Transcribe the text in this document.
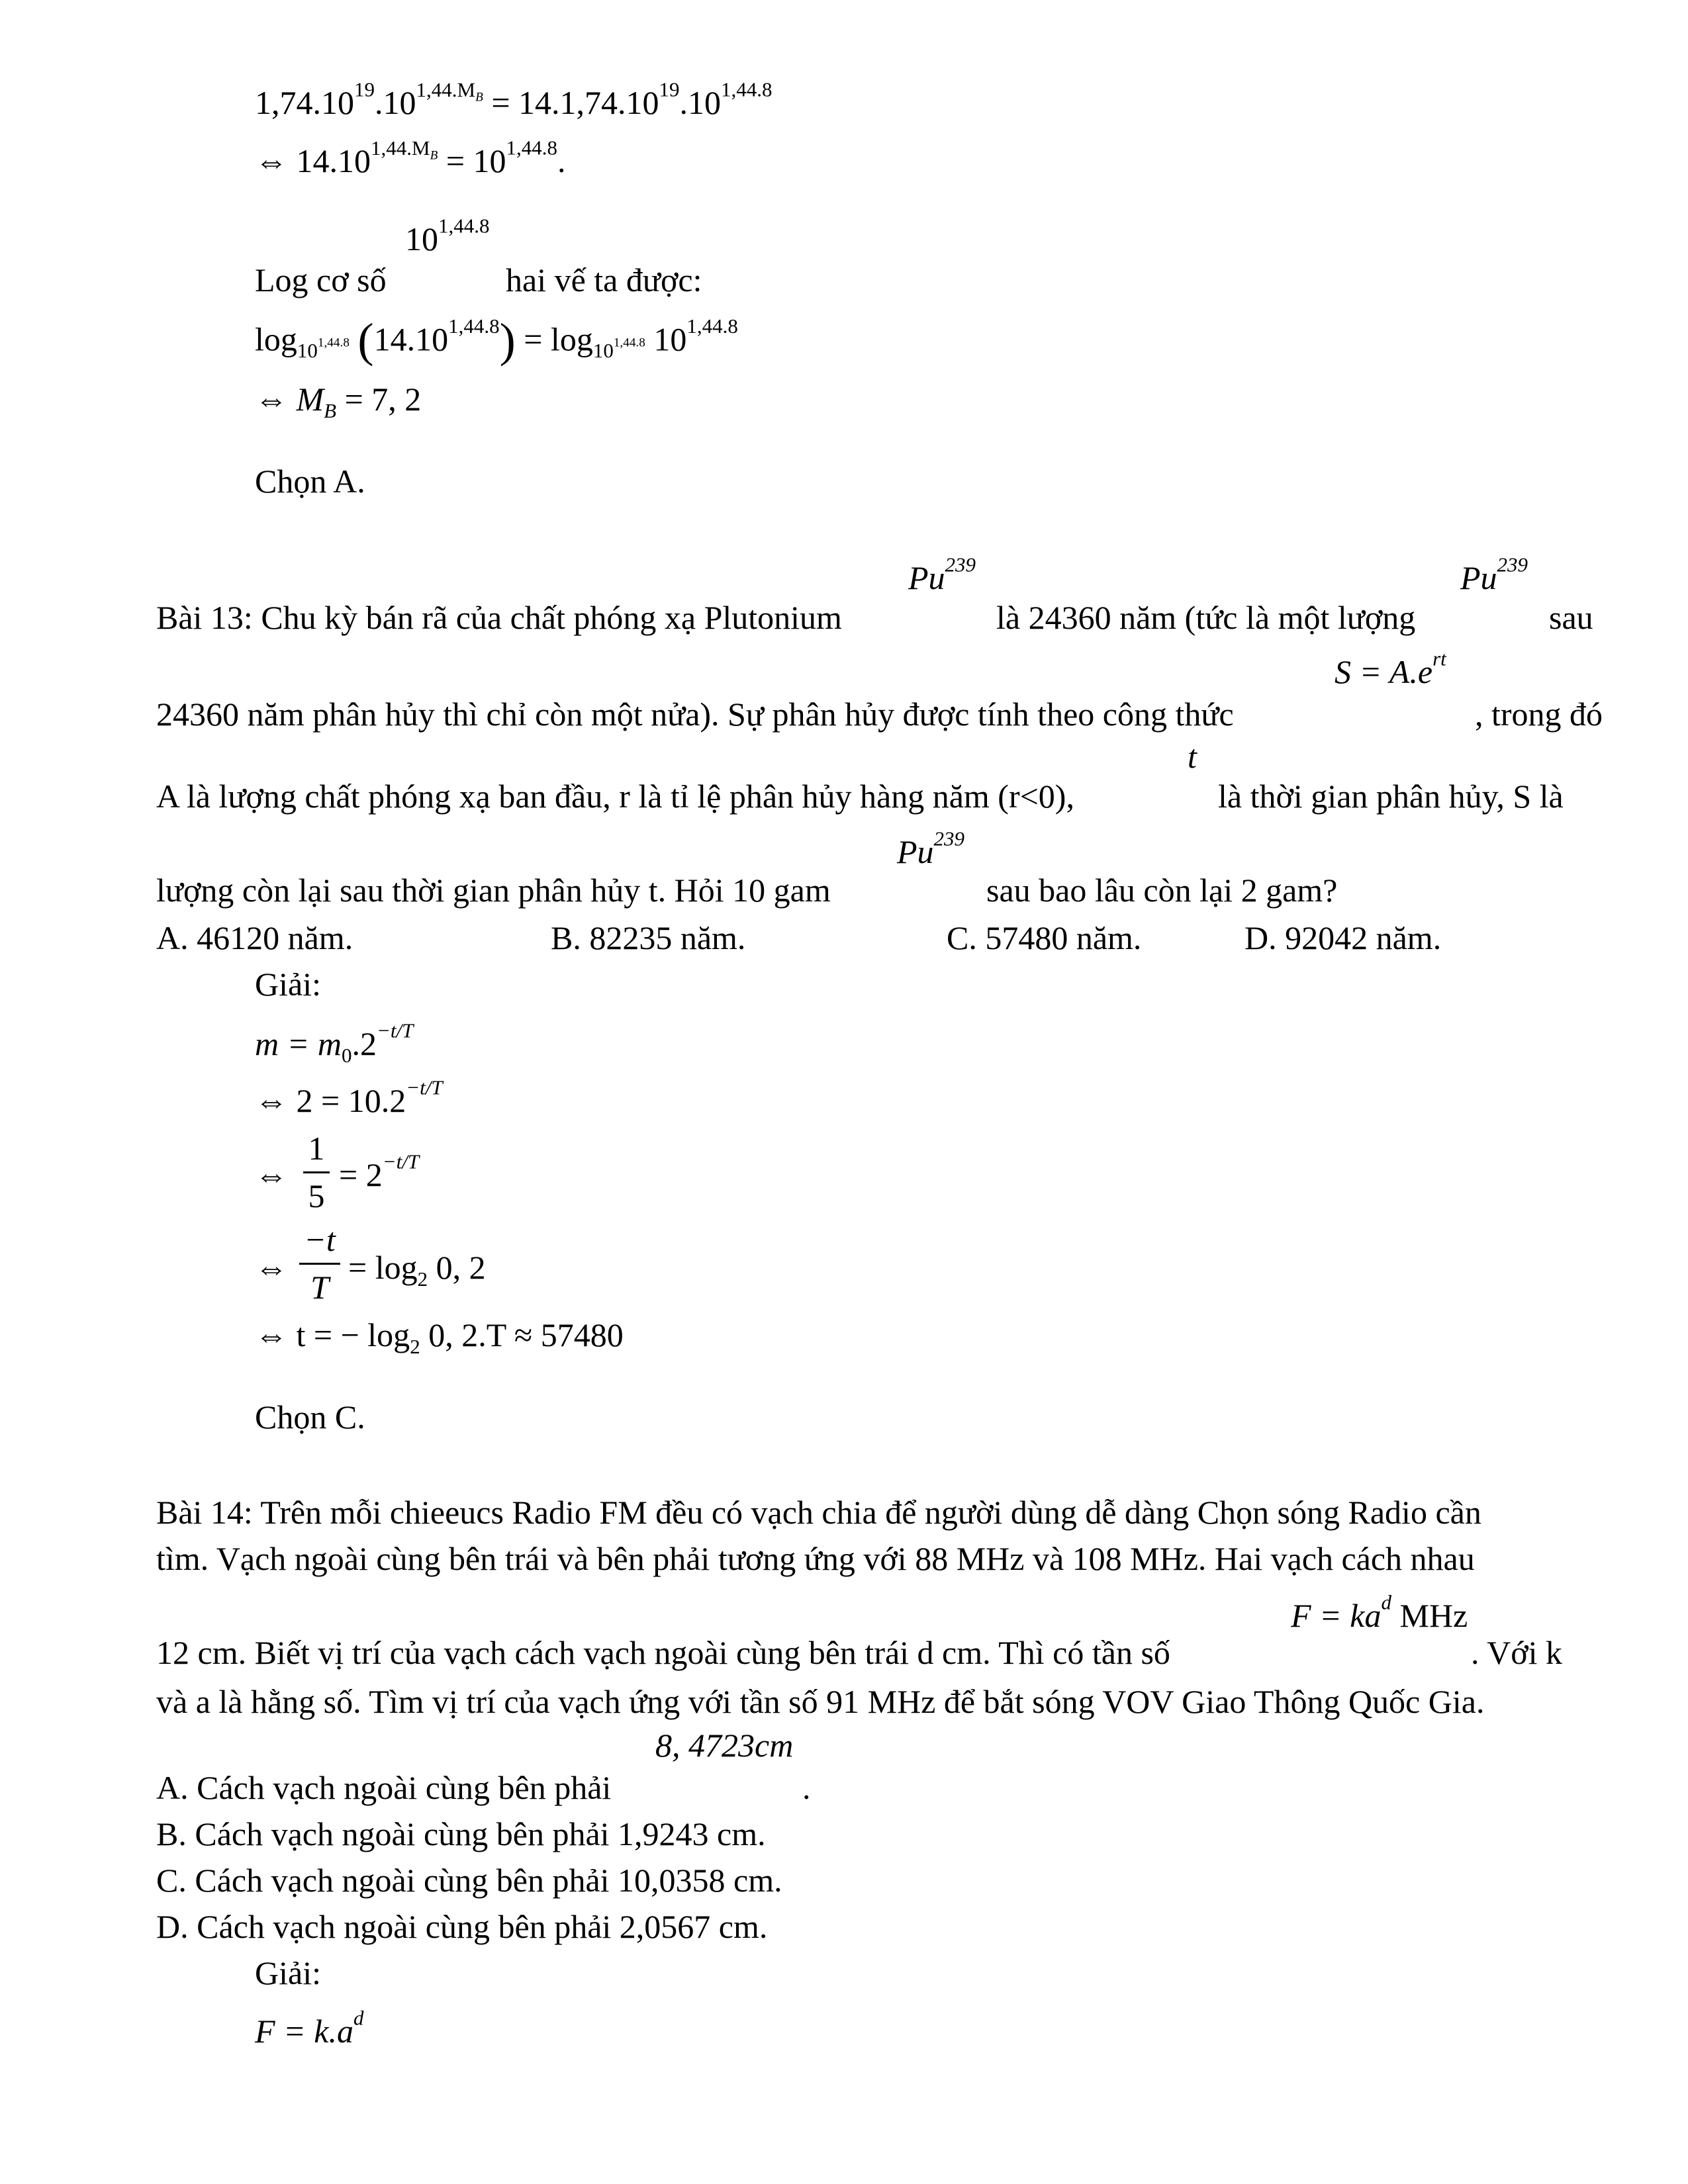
$1,74.10^{19}.10^{1,44.M_B} = 14.1,74.10^{19}.10^{1,44.8}$
⇔ $14.10^{1,44.M_B} = 10^{1,44.8}$.
$10^{1,44.8}$
Log cơ số	hai vế ta được:
$\log_{10^{1,44.8}} (14.10^{1,44.8}) = \log_{10^{1,44.8}} 10^{1,44.8}$
⇔ $M_B = 7$, 2
Chọn A.
Pu$^{239}$	Pu$^{239}$
Bài 13: Chu kỳ bán rã của chất phóng xạ Plutonium	là 24360 năm (tức là một lượng	sau
$S = A.e^{rt}$
24360 năm phân hủy thì chỉ còn một nửa). Sự phân hủy được tính theo công thức	, trong đó
t
A là lượng chất phóng xạ ban đầu, r là tỉ lệ phân hủy hàng năm (r<0),	là thời gian phân hủy, S là
Pu$^{239}$
lượng còn lại sau thời gian phân hủy t. Hỏi 10 gam	sau bao lâu còn lại 2 gam?
A. 46120 năm.	B. 82235 năm.	C. 57480 năm.	D. 92042 năm.
Giải:
$m = m_0.2^{-t/T}$
⇔ $2 = 10.2^{-t/T}$
⇔
1
5
= $2^{-t/T}$
⇔
−t
T
= $\log_2 0$, 2
⇔ t = − $\log_2 0$, 2.T ≈ 57480
Chọn C.
Bài 14: Trên mỗi chieeucs Radio FM đều có vạch chia để người dùng dễ dàng Chọn sóng Radio cần
tìm. Vạch ngoài cùng bên trái và bên phải tương ứng với 88 MHz và 108 MHz. Hai vạch cách nhau
$F = ka^d$ MHz
12 cm. Biết vị trí của vạch cách vạch ngoài cùng bên trái d cm. Thì có tần số	. Với k
và a là hằng số. Tìm vị trí của vạch ứng với tần số 91 MHz để bắt sóng VOV Giao Thông Quốc Gia.
8, 4723cm
A. Cách vạch ngoài cùng bên phải	.
B. Cách vạch ngoài cùng bên phải 1,9243 cm.
C. Cách vạch ngoài cùng bên phải 10,0358 cm.
D. Cách vạch ngoài cùng bên phải 2,0567 cm.
Giải:
$F = k.a^d$
